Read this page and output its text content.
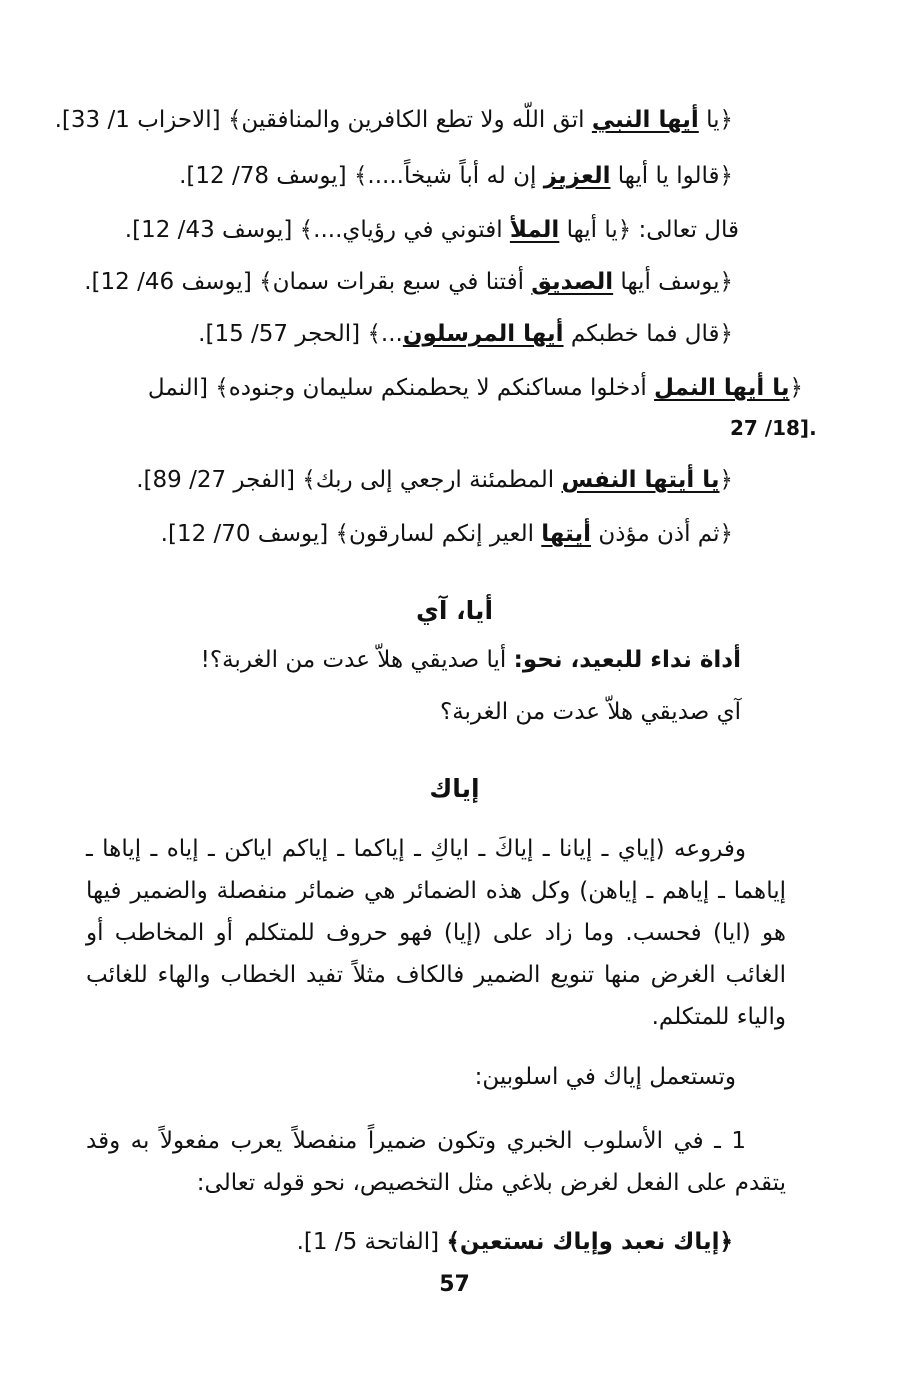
﴿يا أيها النبي اتق اللّه ولا تطع الكافرين والمنافقين﴾ [الاحزاب 1/ 33].
﴿قالوا يا أيها العزيز إن له أباً شيخاً.....﴾ [يوسف 78/ 12].
قال تعالى: ﴿يا أيها الملأ افتوني في رؤياي....﴾ [يوسف 43/ 12].
﴿يوسف أيها الصديق أفتنا في سبع بقرات سمان﴾ [يوسف 46/ 12].
﴿قال فما خطبكم أيها المرسلون...﴾ [الحجر 57/ 15].
﴿يا أيها النمل أدخلوا مساكنكم لا يحطمنكم سليمان وجنوده﴾ [النمل
27 /18].
﴿يا أيتها النفس المطمئنة ارجعي إلى ربك﴾ [الفجر 27/ 89].
﴿ثم أذن مؤذن أيتها العير إنكم لسارقون﴾ [يوسف 70/ 12].
أيا، آي
أداة نداء للبعيد، نحو: أيا صديقي هلاّ عدت من الغربة؟!
آي صديقي هلاّ عدت من الغربة؟
إياك
وفروعه (إياي ـ إيانا ـ إياكَ ـ اياكِ ـ إياكما ـ إياكم اياكن ـ إياه ـ إياها ـ إياهما ـ إياهم ـ إياهن) وكل هذه الضمائر هي ضمائر منفصلة والضمير فيها هو (ايا) فحسب. وما زاد على (إيا) فهو حروف للمتكلم أو المخاطب أو الغائب الغرض منها تنويع الضمير فالكاف مثلاً تفيد الخطاب والهاء للغائب والياء للمتكلم.
وتستعمل إياك في اسلوبين:
1 ـ في الأسلوب الخبري وتكون ضميراً منفصلاً يعرب مفعولاً به وقد يتقدم على الفعل لغرض بلاغي مثل التخصيص، نحو قوله تعالى:
﴿إياك نعبد وإياك نستعين﴾ [الفاتحة 5/ 1].
57
